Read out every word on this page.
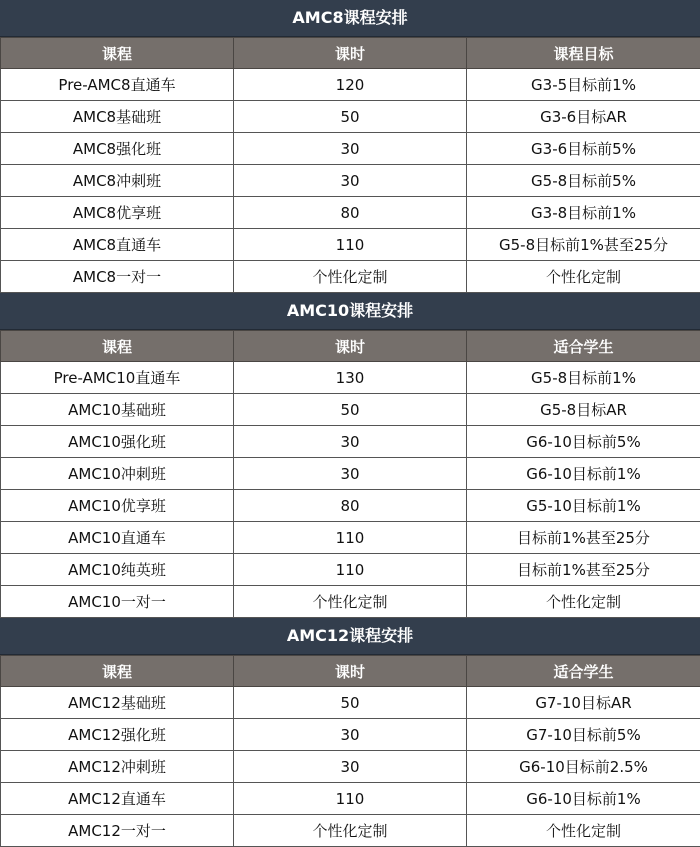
AMC8课程安排
课程	课时	课程目标
Pre-AMC8直通车	120	G3-5目标前1%
AMC8基础班	50	G3-6目标AR
AMC8强化班	30	G3-6目标前5%
AMC8冲刺班	30	G5-8目标前5%
AMC8优享班	80	G3-8目标前1%
AMC8直通车	110	G5-8目标前1%甚至25分
AMC8一对一	个性化定制	个性化定制
AMC10课程安排
课程	课时	适合学生
Pre-AMC10直通车	130	G5-8目标前1%
AMC10基础班	50	G5-8目标AR
AMC10强化班	30	G6-10目标前5%
AMC10冲刺班	30	G6-10目标前1%
AMC10优享班	80	G5-10目标前1%
AMC10直通车	110	目标前1%甚至25分
AMC10纯英班	110	目标前1%甚至25分
AMC10一对一	个性化定制	个性化定制
AMC12课程安排
课程	课时	适合学生
AMC12基础班	50	G7-10目标AR
AMC12强化班	30	G7-10目标前5%
AMC12冲刺班	30	G6-10目标前2.5%
AMC12直通车	110	G6-10目标前1%
AMC12一对一	个性化定制	个性化定制
